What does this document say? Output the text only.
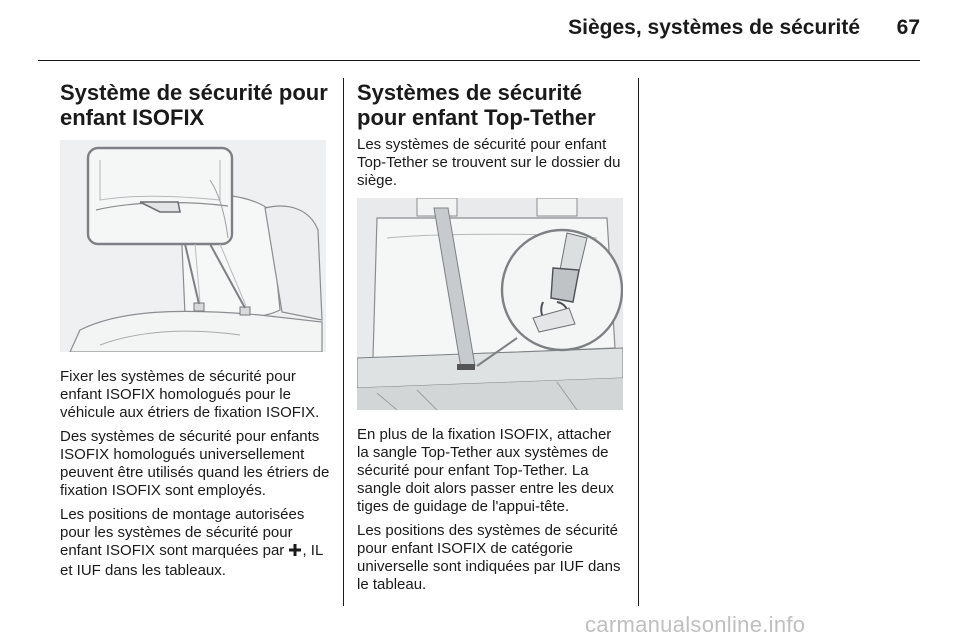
Sièges, systèmes de sécurité	67
Système de sécurité pour enfant ISOFIX

Fixer les systèmes de sécurité pour enfant ISOFIX homologués pour le véhicule aux étriers de fixation ISOFIX.

Des systèmes de sécurité pour enfants ISOFIX homologués universellement peuvent être utilisés quand les étriers de fixation ISOFIX sont employés.

Les positions de montage autorisées pour les systèmes de sécurité pour enfant ISOFIX sont marquées par , IL et IUF dans les tableaux.

Systèmes de sécurité pour enfant Top-Tether

Les systèmes de sécurité pour enfant Top-Tether se trouvent sur le dossier du siège.

En plus de la fixation ISOFIX, attacher la sangle Top-Tether aux systèmes de sécurité pour enfant Top-Tether. La sangle doit alors passer entre les deux tiges de guidage de l'appui-tête.

Les positions des systèmes de sécurité pour enfant ISOFIX de catégorie universelle sont indiquées par IUF dans le tableau.

carmanualsonline.info
